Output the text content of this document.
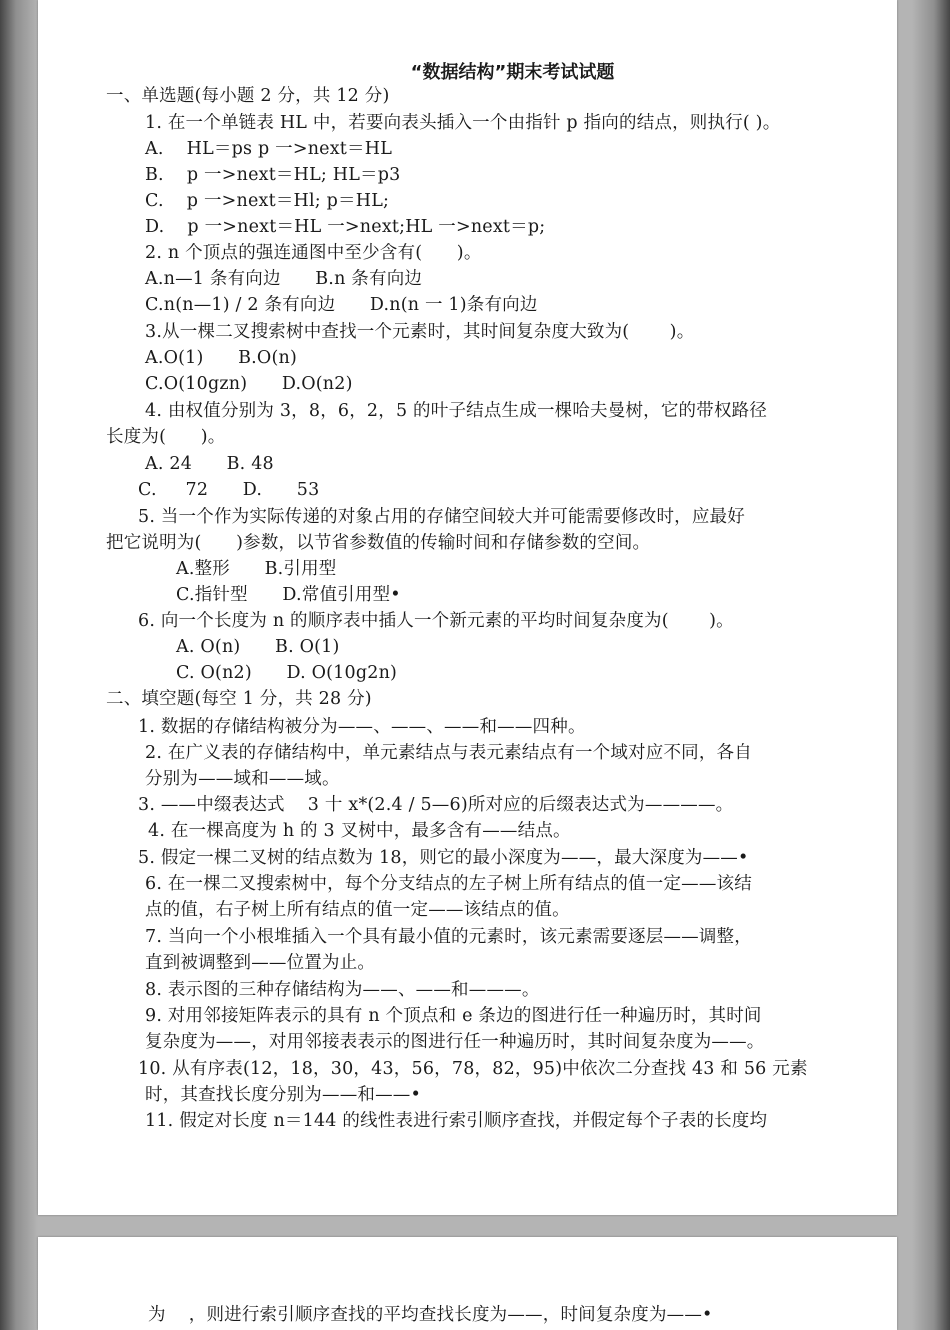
“数据结构”期末考试试题
一、单选题(每小题 2 分，共 12 分)
1. 在一个单链表 HL 中，若要向表头插入一个由指针 p 指向的结点，则执行( )。
A.    HL＝ps p 一>next＝HL
B.    p 一>next＝HL; HL＝p3
C.    p 一>next＝Hl; p＝HL;
D.    p 一>next＝HL 一>next;HL 一>next＝p;
2. n 个顶点的强连通图中至少含有(      )。
A.n—1 条有向边      B.n 条有向边
C.n(n—1) / 2 条有向边      D.n(n 一 1)条有向边
3.从一棵二叉搜索树中查找一个元素时，其时间复杂度大致为(       )。
A.O(1)      B.O(n)
C.O(10gzn)      D.O(n2)
4. 由权值分别为 3，8，6，2，5 的叶子结点生成一棵哈夫曼树，它的带权路径
长度为(      )。
A. 24      B. 48
C.     72      D.      53
5. 当一个作为实际传递的对象占用的存储空间较大并可能需要修改时，应最好
把它说明为(      )参数，以节省参数值的传输时间和存储参数的空间。
A.整形      B.引用型
C.指针型      D.常值引用型•
6. 向一个长度为 n 的顺序表中插人一个新元素的平均时间复杂度为(       )。
A. O(n)      B. O(1)
C. O(n2)      D. O(10g2n)
二、填空题(每空 1 分，共 28 分)
1. 数据的存储结构被分为——、——、——和——四种。
2. 在广义表的存储结构中，单元素结点与表元素结点有一个域对应不同，各自
分别为——域和——域。
3. ——中缀表达式    3 十 x*(2.4 / 5—6)所对应的后缀表达式为————。
4. 在一棵高度为 h 的 3 叉树中，最多含有——结点。
5. 假定一棵二叉树的结点数为 18，则它的最小深度为——，最大深度为——•
6. 在一棵二叉搜索树中，每个分支结点的左子树上所有结点的值一定——该结
点的值，右子树上所有结点的值一定——该结点的值。
7. 当向一个小根堆插入一个具有最小值的元素时，该元素需要逐层——调整，
直到被调整到——位置为止。
8. 表示图的三种存储结构为——、——和———。
9. 对用邻接矩阵表示的具有 n 个顶点和 e 条边的图进行任一种遍历时，其时间
复杂度为——，对用邻接表表示的图进行任一种遍历时，其时间复杂度为——。
10. 从有序表(12，18，30，43，56，78，82，95)中依次二分查找 43 和 56 元素
时，其查找长度分别为——和——•
11. 假定对长度 n＝144 的线性表进行索引顺序查找，并假定每个子表的长度均
为    ，则进行索引顺序查找的平均查找长度为——，时间复杂度为——•
